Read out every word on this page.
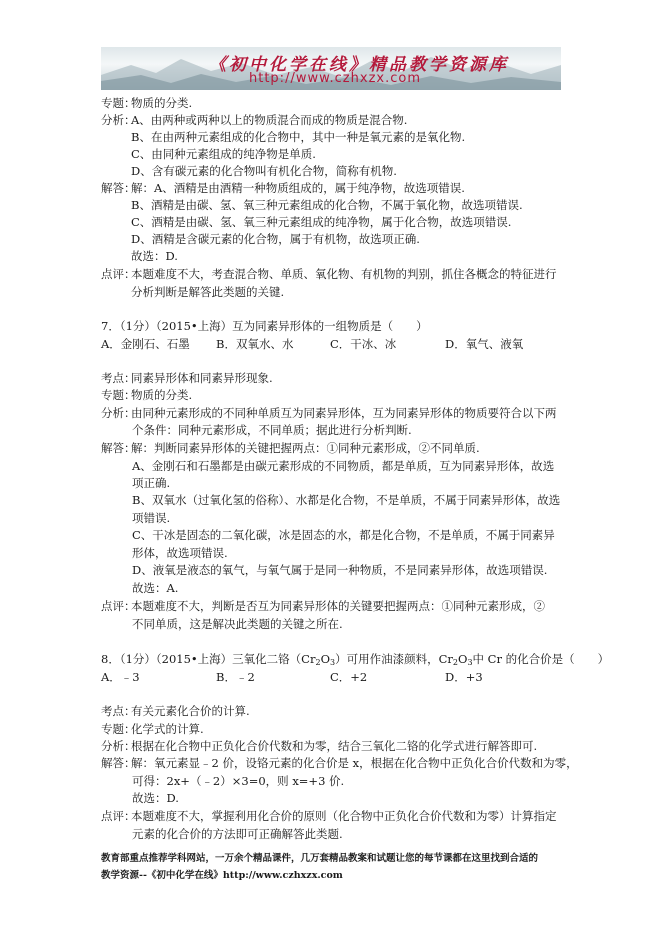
《初中化学在线》精品教学资源库
http://www.czhxzx.com
专题：
物质的分类.
分析：
A、由两种或两种以上的物质混合而成的物质是混合物.
B、在由两种元素组成的化合物中，其中一种是氧元素的是氧化物.
C、由同种元素组成的纯净物是单质.
D、含有碳元素的化合物叫有机化合物，简称有机物.
解答：
解：A、酒精是由酒精一种物质组成的，属于纯净物，故选项错误.
B、酒精是由碳、氢、氧三种元素组成的化合物，不属于氧化物，故选项错误.
C、酒精是由碳、氢、氧三种元素组成的纯净物，属于化合物，故选项错误.
D、酒精是含碳元素的化合物，属于有机物，故选项正确.
故选：D.
点评：
本题难度不大，考查混合物、单质、氧化物、有机物的判别，抓住各概念的特征进行
分析判断是解答此类题的关键.
7．（1分）（2015•上海）互为同素异形体的一组物质是（　　）
A．金刚石、石墨 B．双氧水、水	C．干冰、冰	D．氧气、液氧
考点：
同素异形体和同素异形现象.
专题：
物质的分类.
分析：
由同种元素形成的不同种单质互为同素异形体，互为同素异形体的物质要符合以下两
个条件：同种元素形成，不同单质；据此进行分析判断.
解答：
解：判断同素异形体的关键把握两点：①同种元素形成，②不同单质.
A、金刚石和石墨都是由碳元素形成的不同物质，都是单质，互为同素异形体，故选
项正确.
B、双氧水（过氧化氢的俗称）、水都是化合物，不是单质，不属于同素异形体，故选
项错误.
C、干冰是固态的二氧化碳，冰是固态的水，都是化合物，不是单质，不属于同素异
形体，故选项错误.
D、液氧是液态的氧气，与氧气属于是同一种物质，不是同素异形体，故选项错误.
故选：A.
点评：
本题难度不大，判断是否互为同素异形体的关键要把握两点：①同种元素形成，②
不同单质，这是解决此类题的关键之所在.
8．（1分）（2015•上海）三氧化二铬$(Cr_2O_3)$可用作油漆颜料，$Cr_2O_3$中 Cr 的化合价是（　　）
A．﹣3	B．﹣2	C．+2	D．+3
考点：
有关元素化合价的计算.
专题：
化学式的计算.
分析：
根据在化合物中正负化合价代数和为零，结合三氧化二铬的化学式进行解答即可.
解答：
解：氧元素显﹣2 价，设铬元素的化合价是 x，根据在化合物中正负化合价代数和为零，
可得：2x+（﹣2）×3=0，则 x=+3 价.
故选：D.
点评：
本题难度不大，掌握利用化合价的原则（化合物中正负化合价代数和为零）计算指定
元素的化合价的方法即可正确解答此类题.
教育部重点推荐学科网站，一万余个精品课件，几万套精品教案和试题让您的每节课都在这里找到合适的
教学资源--《初中化学在线》http://www.czhxzx.com
